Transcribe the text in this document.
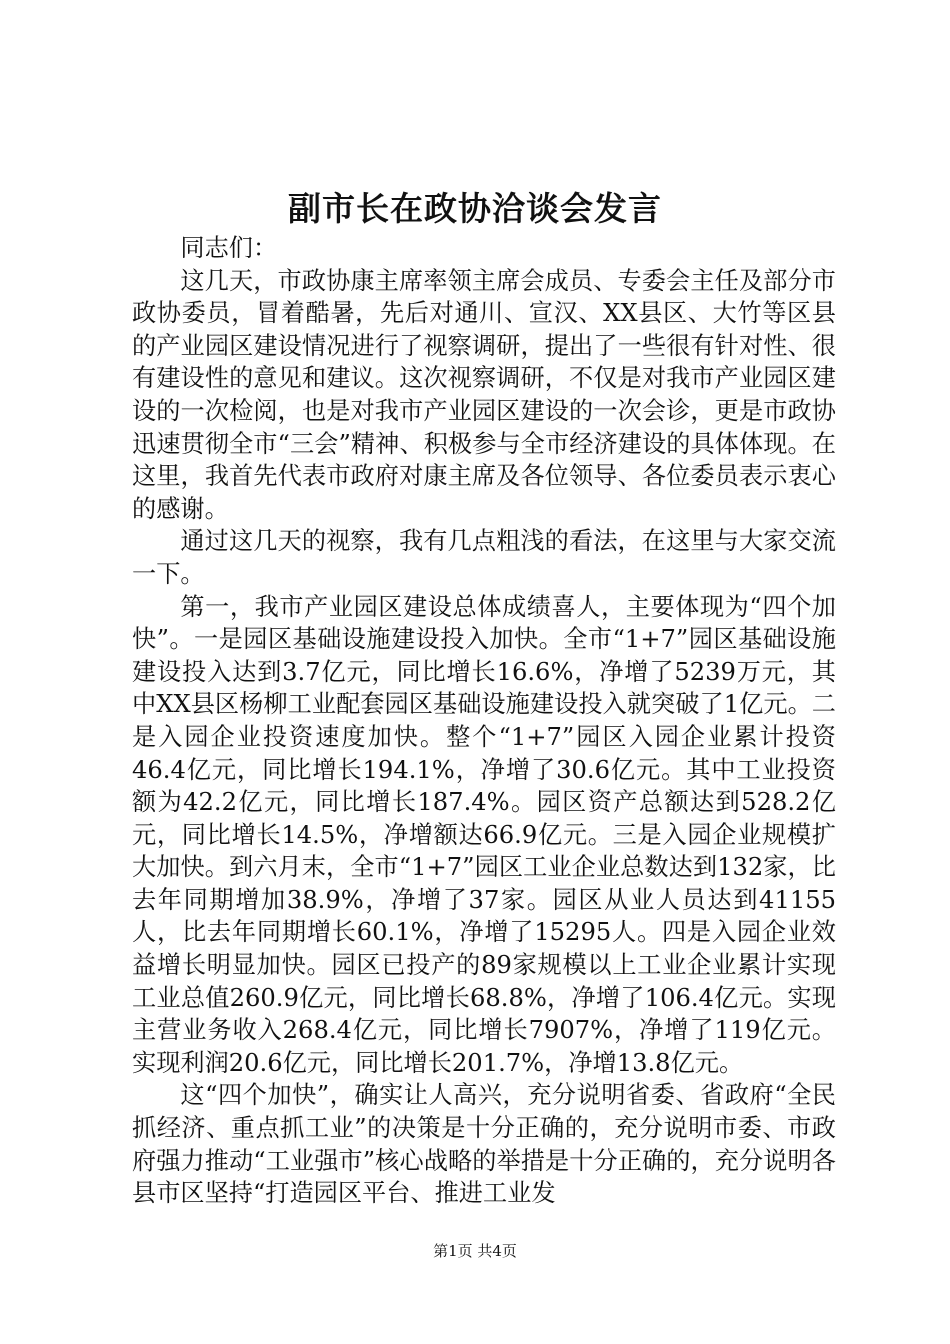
副市长在政协洽谈会发言

同志们：

这几天，市政协康主席率领主席会成员、专委会主任及部分市政协委员，冒着酷暑，先后对通川、宣汉、XX县区、大竹等区县的产业园区建设情况进行了视察调研，提出了一些很有针对性、很有建设性的意见和建议。这次视察调研，不仅是对我市产业园区建设的一次检阅，也是对我市产业园区建设的一次会诊，更是市政协迅速贯彻全市“三会”精神、积极参与全市经济建设的具体体现。在这里，我首先代表市政府对康主席及各位领导、各位委员表示衷心的感谢。

通过这几天的视察，我有几点粗浅的看法，在这里与大家交流一下。

第一，我市产业园区建设总体成绩喜人，主要体现为“四个加快”。一是园区基础设施建设投入加快。全市“1+7”园区基础设施建设投入达到3.7亿元，同比增长16.6%，净增了5239万元，其中XX县区杨柳工业配套园区基础设施建设投入就突破了1亿元。二是入园企业投资速度加快。整个“1+7”园区入园企业累计投资46.4亿元，同比增长194.1%，净增了30.6亿元。其中工业投资额为42.2亿元，同比增长187.4%。园区资产总额达到528.2亿元，同比增长14.5%，净增额达66.9亿元。三是入园企业规模扩大加快。到六月末，全市“1+7”园区工业企业总数达到132家，比去年同期增加38.9%，净增了37家。园区从业人员达到41155人，比去年同期增长60.1%，净增了15295人。四是入园企业效益增长明显加快。园区已投产的89家规模以上工业企业累计实现工业总值260.9亿元，同比增长68.8%，净增了106.4亿元。实现主营业务收入268.4亿元，同比增长7907%，净增了119亿元。实现利润20.6亿元，同比增长201.7%，净增13.8亿元。

这“四个加快”，确实让人高兴，充分说明省委、省政府“全民抓经济、重点抓工业”的决策是十分正确的，充分说明市委、市政府强力推动“工业强市”核心战略的举措是十分正确的，充分说明各县市区坚持“打造园区平台、推进工业发

第1页 共4页
